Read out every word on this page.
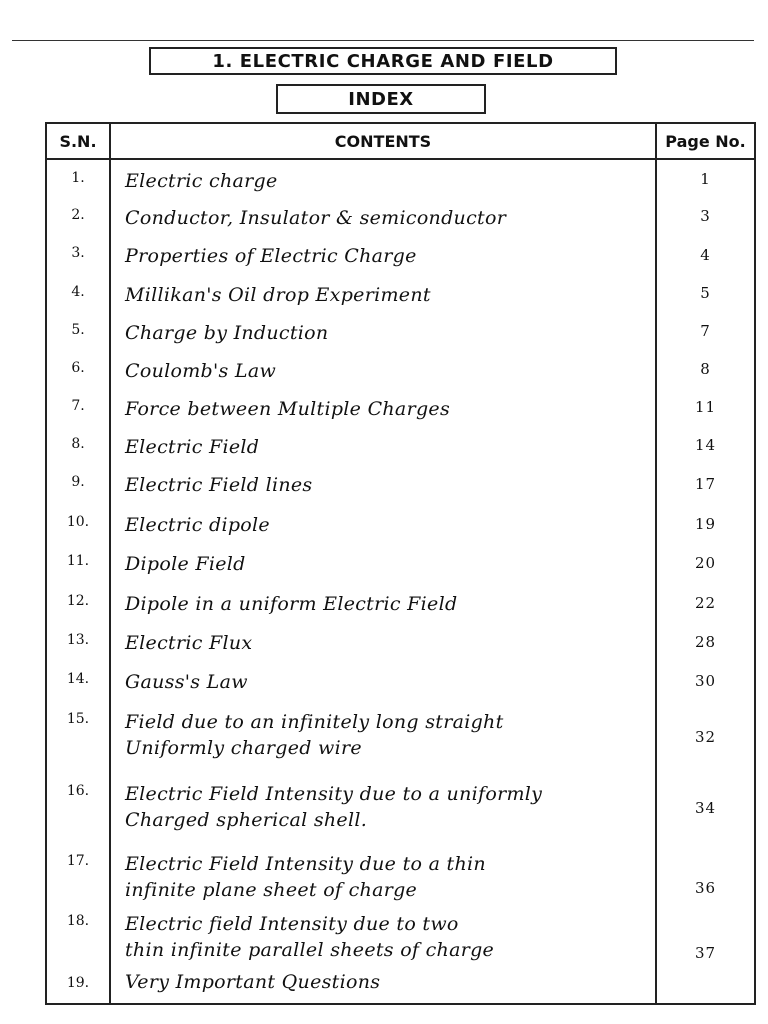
1. ELECTRIC CHARGE AND FIELD
INDEX
S.N.	CONTENTS	Page No.
1.	Electric charge	1
2.	Conductor, Insulator & semiconductor	3
3.	Properties of Electric Charge	4
4.	Millikan's Oil drop Experiment	5
5.	Charge by Induction	7
6.	Coulomb's Law	8
7.	Force between Multiple Charges	11
8.	Electric Field	14
9.	Electric Field lines	17
10.	Electric dipole	19
11.	Dipole Field	20
12.	Dipole in a uniform Electric Field	22
13.	Electric Flux	28
14.	Gauss's Law	30
15.	Field due to an infinitely long straight
Uniformly charged wire	32
16.	Electric Field Intensity due to a uniformly
Charged spherical shell.	34
17.	Electric Field Intensity due to a thin
infinite plane sheet of charge	36
18.	Electric field Intensity due to two
thin infinite parallel sheets of charge	37
19.	Very Important Questions	
